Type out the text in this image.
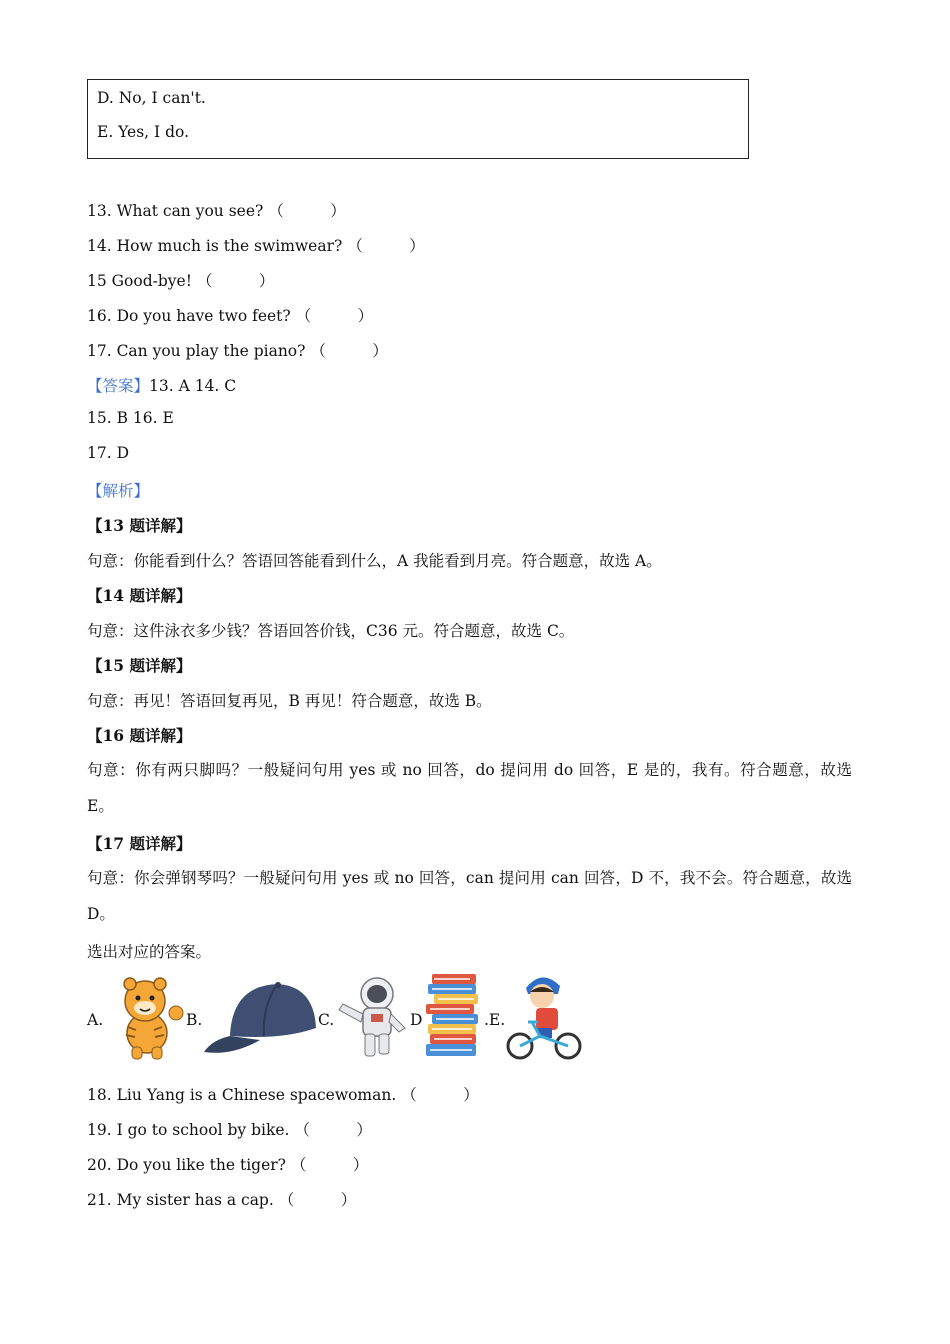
D. No, I can't.
E. Yes, I do.
13. What can you see? （　　　）
14. How much is the swimwear? （　　　）
15 Good-bye! （　　　）
16. Do you have two feet? （　　　）
17. Can you play the piano? （　　　）
【答案】13. A 14. C
15. B 16. E
17. D
【解析】
【13 题详解】
句意：你能看到什么？答语回答能看到什么，A 我能看到月亮。符合题意，故选 A。
【14 题详解】
句意：这件泳衣多少钱？答语回答价钱，C36 元。符合题意，故选 C。
【15 题详解】
句意：再见！答语回复再见，B 再见！符合题意，故选 B。
【16 题详解】
句意：你有两只脚吗？一般疑问句用 yes 或 no 回答，do 提问用 do 回答，E 是的，我有。符合题意，故选 E。
【17 题详解】
句意：你会弹钢琴吗？一般疑问句用 yes 或 no 回答，can 提问用 can 回答，D 不，我不会。符合题意，故选 D。
选出对应的答案。
A.	B.	C.	D	.E.
18. Liu Yang is a Chinese spacewoman. （　　　）
19. I go to school by bike. （　　　）
20. Do you like the tiger? （　　　）
21. My sister has a cap. （　　　）
